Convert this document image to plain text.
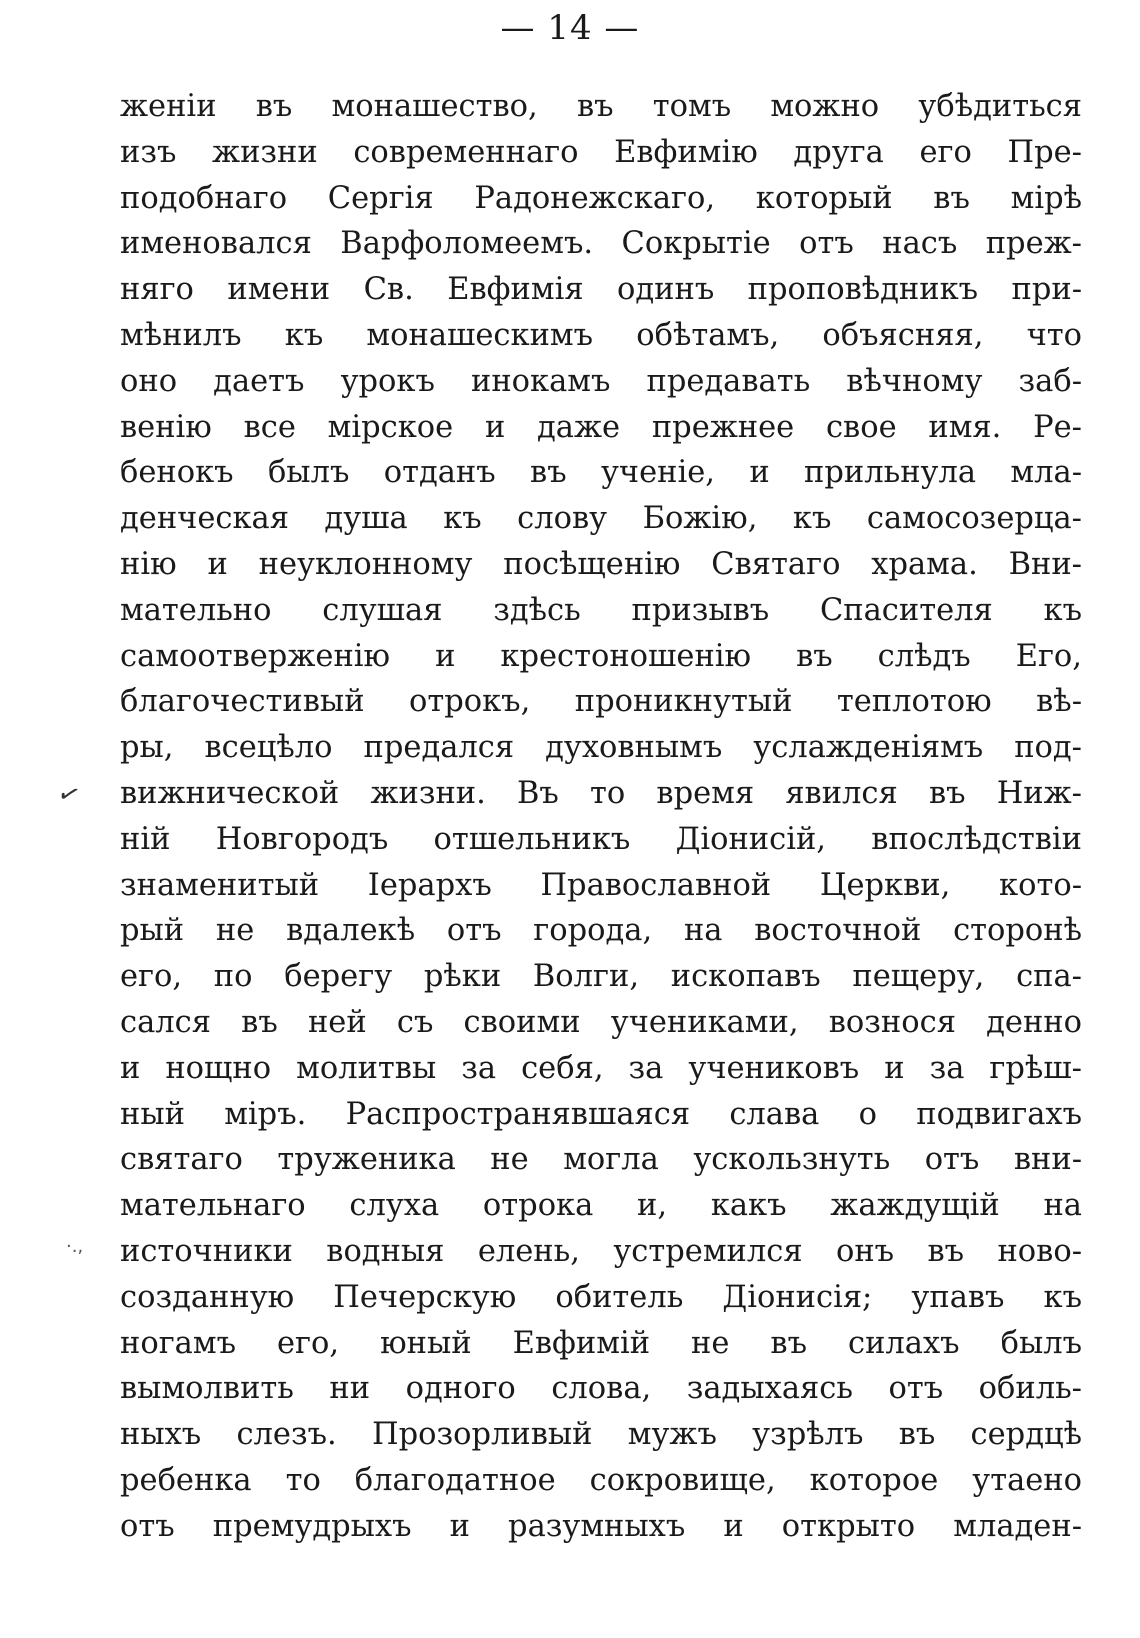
— 14 —
✓
·.,
женіи въ монашество, въ томъ можно убѣдиться
изъ жизни современнаго Евфимію друга его Пре-
подобнаго Сергія Радонежскаго, который въ мірѣ
именовался Варфоломеемъ. Сокрытіе отъ насъ преж-
няго имени Св. Евфимія одинъ проповѣдникъ при-
мѣнилъ къ монашескимъ обѣтамъ, объясняя, что
оно даетъ урокъ инокамъ предавать вѣчному заб-
венію все мірское и даже прежнее свое имя. Ре-
бенокъ былъ отданъ въ ученіе, и прильнула мла-
денческая душа къ слову Божію, къ самосозерца-
нію и неуклонному посѣщенію Святаго храма. Вни-
мательно слушая здѣсь призывъ Спасителя къ
самоотверженію и крестоношенію въ слѣдъ Его,
благочестивый отрокъ, проникнутый теплотою вѣ-
ры, всецѣло предался духовнымъ услажденіямъ под-
вижнической жизни. Въ то время явился въ Ниж-
ній Новгородъ отшельникъ Діонисій, впослѣдствіи
знаменитый Іерархъ Православной Церкви, кото-
рый не вдалекѣ отъ города, на восточной сторонѣ
его, по берегу рѣки Волги, ископавъ пещеру, спа-
сался въ ней съ своими учениками, вознося денно
и нощно молитвы за себя, за учениковъ и за грѣш-
ный міръ. Распространявшаяся слава о подвигахъ
святаго труженика не могла ускользнуть отъ вни-
мательнаго слуха отрока и, какъ жаждущій на
источники водныя елень, устремился онъ въ ново-
созданную Печерскую обитель Діонисія; упавъ къ
ногамъ его, юный Евфимій не въ силахъ былъ
вымолвить ни одного слова, задыхаясь отъ обиль-
ныхъ слезъ. Прозорливый мужъ узрѣлъ въ сердцѣ
ребенка то благодатное сокровище, которое утаено
отъ премудрыхъ и разумныхъ и открыто младен-
